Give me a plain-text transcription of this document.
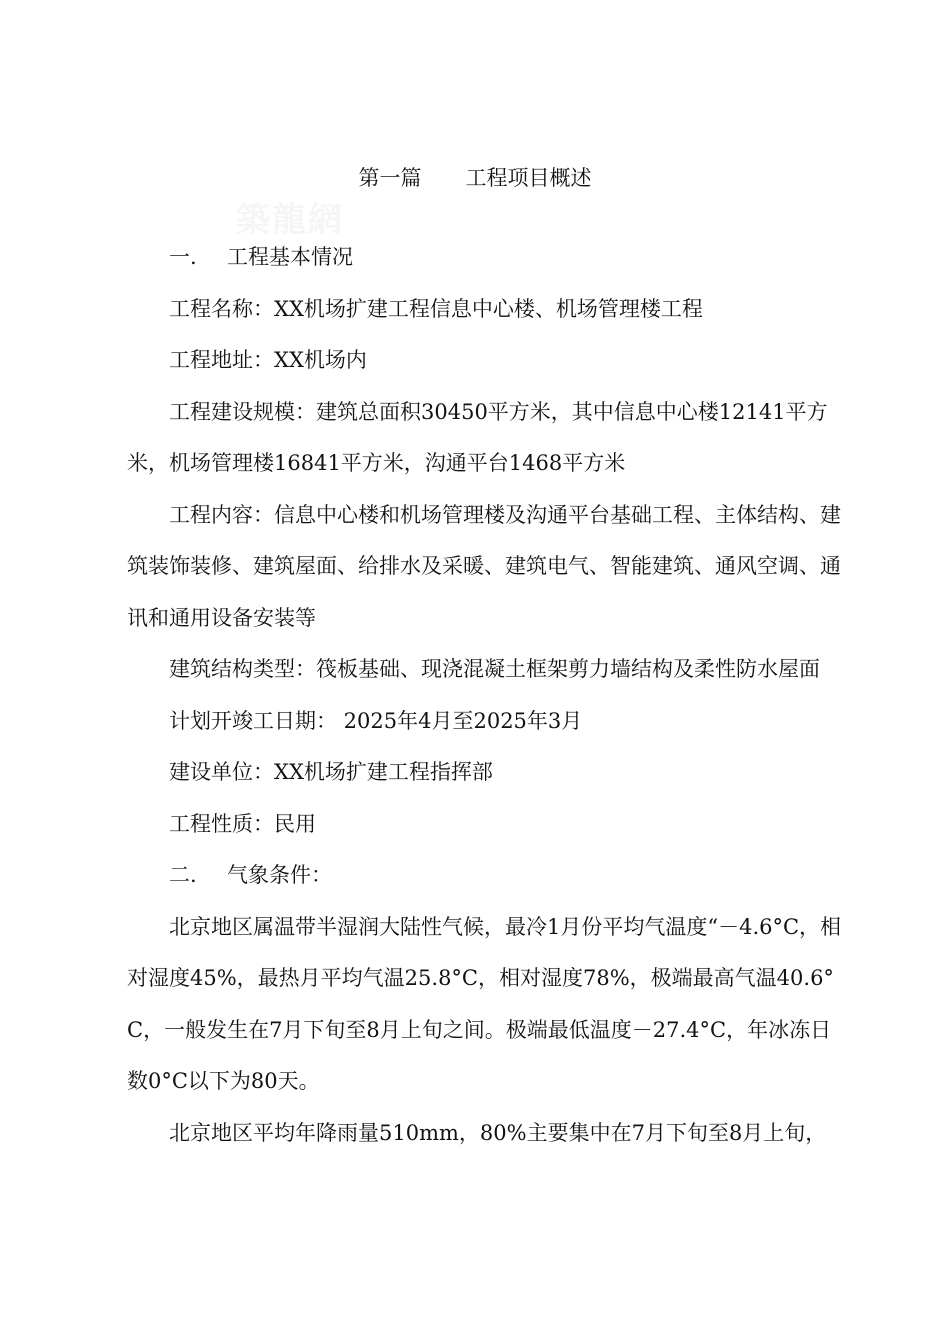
第一篇 工程项目概述
築龍網

一. 工程基本情况

工程名称：XX机场扩建工程信息中心楼、机场管理楼工程

工程地址：XX机场内

工程建设规模：建筑总面积30450平方米，其中信息中心楼12141平方米，机场管理楼16841平方米，沟通平台1468平方米

工程内容：信息中心楼和机场管理楼及沟通平台基础工程、主体结构、建筑装饰装修、建筑屋面、给排水及采暖、建筑电气、智能建筑、通风空调、通讯和通用设备安装等

建筑结构类型：筏板基础、现浇混凝土框架剪力墙结构及柔性防水屋面

计划开竣工日期： 2025年4月至2025年3月

建设单位：XX机场扩建工程指挥部

工程性质：民用

二. 气象条件：

北京地区属温带半湿润大陆性气候，最冷1月份平均气温度“－4.6°C，相对湿度45%，最热月平均气温25.8°C，相对湿度78%，极端最高气温40.6°C，一般发生在7月下旬至8月上旬之间。极端最低温度－27.4°C，年冰冻日数0°C以下为80天。

北京地区平均年降雨量510mm，80%主要集中在7月下旬至8月上旬，
